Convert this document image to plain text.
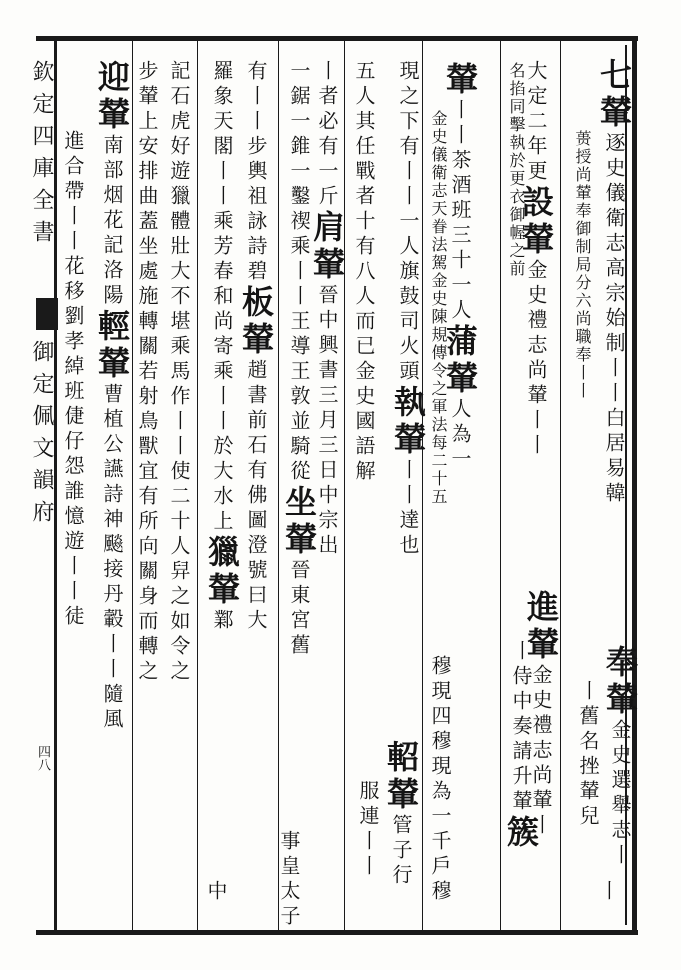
欽定四庫全書
御定佩文韻府
四八
七輦逐史儀衛志高宗始制丨丨白居易韓
蒉授尚輦奉御制局分六尚職奉丨丨
大定二年更設輦金史禮志尚輦丨丨
名掐同擊執於更衣御幄之前
輦丨丨茶酒班三十一人蒲輦人為一
金史儀衛志天眷法駕金史陳規傳令之軍法每二十五
現之下有丨丨一人旗鼓司火頭執輦丨丨達也
五人其任戰者十有八人而已金史國語解
丨者必有一斤肩輦晉中興書三月三日中宗出
一鋸一錐一鑿禊乘丨丨王導王敦並騎從坐輦晉東宮舊
有丨丨步輿祖詠詩碧板輦趙書前石有佛圖澄號曰大
羅象天閣丨丨乘芳春和尚寄乘丨丨於大水上獵輦鄴
記石虎好遊獵體壯大不堪乘馬作丨丨使二十人舁之如令之
步輦上安排曲蓋坐處施轉關若射鳥獸宜有所向關身而轉之
迎輦南部烟花記洛陽輕輦曹植公讌詩神飈接丹轂丨丨隨風
進合帶丨丨花移劉孝綽班倢仔怨誰憶遊丨丨徒	進輦金史禮志尚輦丨
丨侍中奏請升輦簇
奉輦金史選舉志丨
丨舊名挫輦兒
穆現四穆現為一千戶穆
軺輦管子行
服連丨丨
事皇太子
中	丨
